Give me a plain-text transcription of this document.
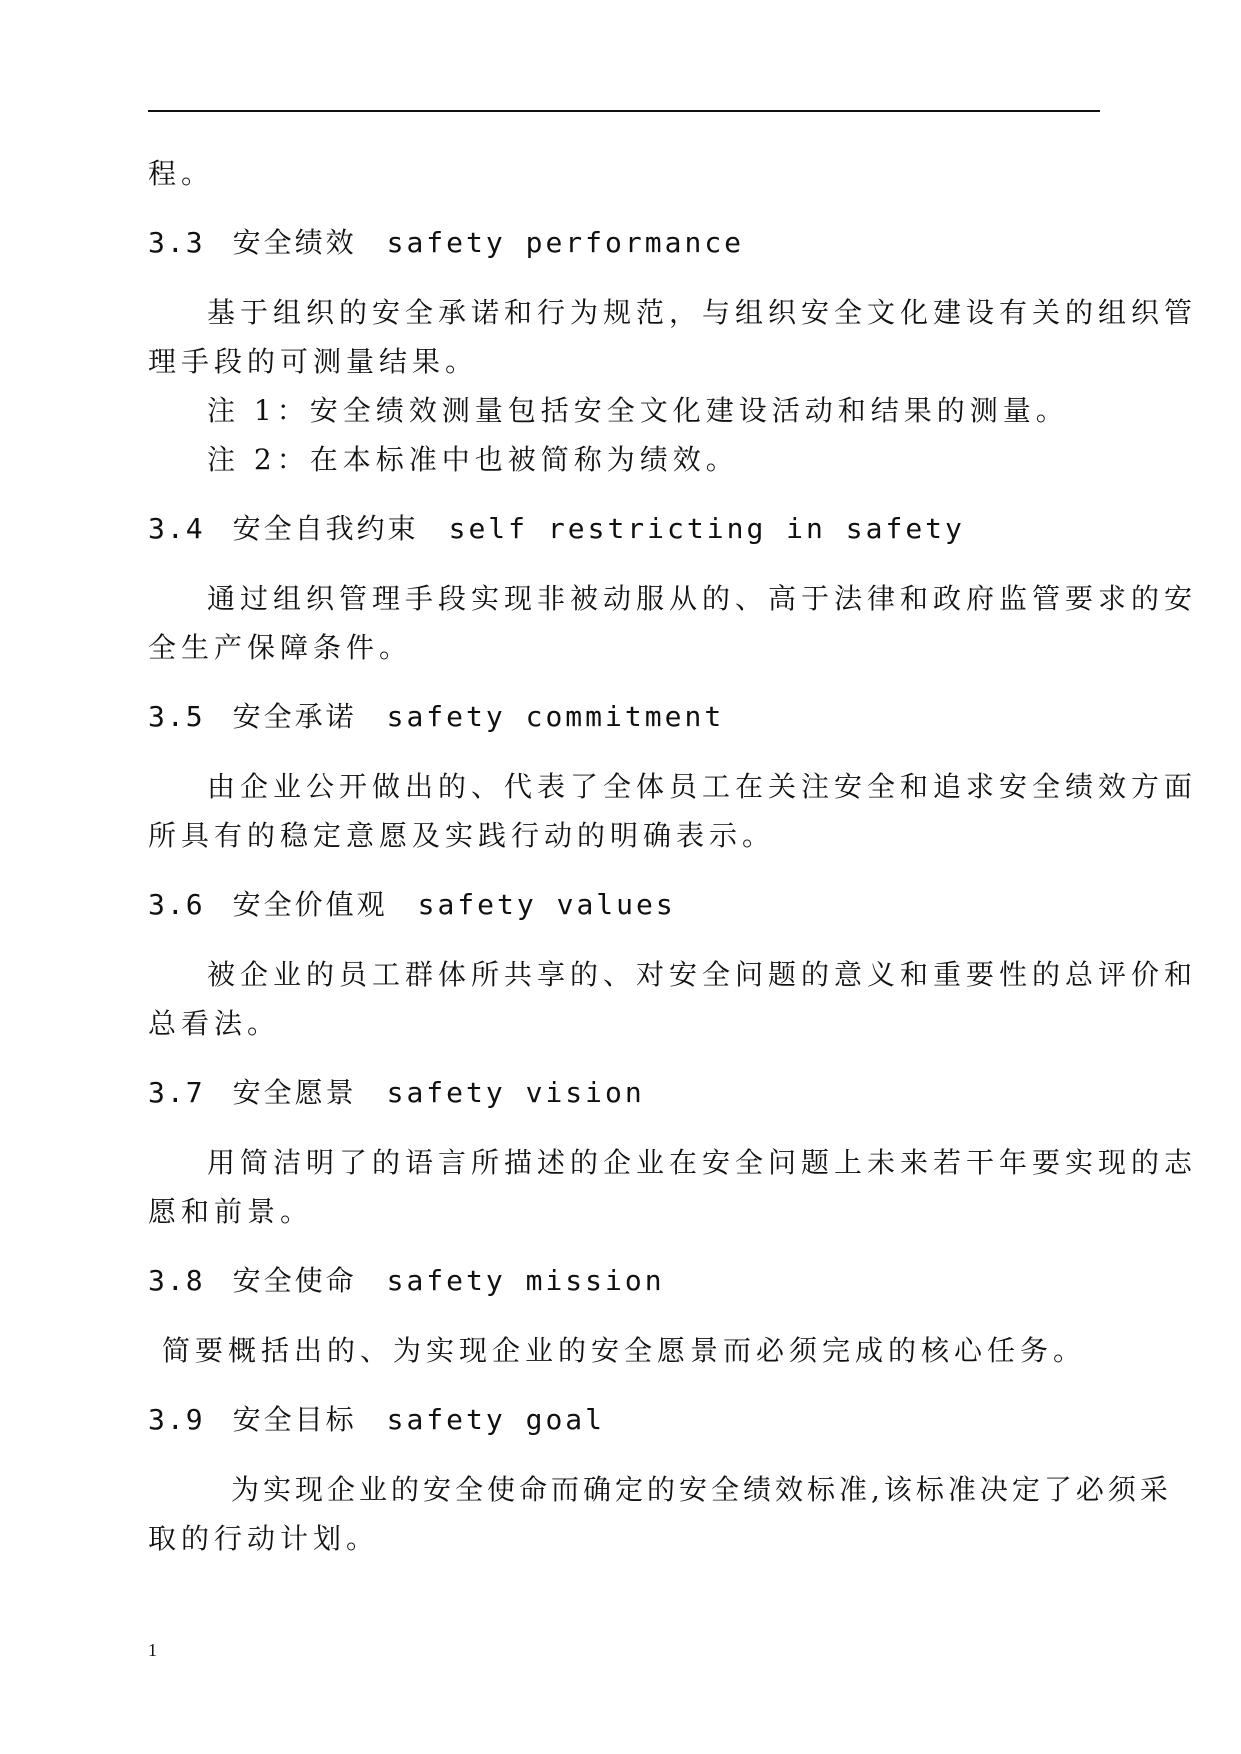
程。
3.3 安全绩效 safety performance
基于组织的安全承诺和行为规范，与组织安全文化建设有关的组织管
理手段的可测量结果。
注 1：安全绩效测量包括安全文化建设活动和结果的测量。
注 2：在本标准中也被简称为绩效。
3.4 安全自我约束 self restricting in safety
通过组织管理手段实现非被动服从的、高于法律和政府监管要求的安
全生产保障条件。
3.5 安全承诺 safety commitment
由企业公开做出的、代表了全体员工在关注安全和追求安全绩效方面
所具有的稳定意愿及实践行动的明确表示。
3.6 安全价值观 safety values
被企业的员工群体所共享的、对安全问题的意义和重要性的总评价和
总看法。
3.7 安全愿景 safety vision
用简洁明了的语言所描述的企业在安全问题上未来若干年要实现的志
愿和前景。
3.8 安全使命 safety mission
简要概括出的、为实现企业的安全愿景而必须完成的核心任务。
3.9 安全目标 safety goal
为实现企业的安全使命而确定的安全绩效标准,该标准决定了必须采
取的行动计划。
1
